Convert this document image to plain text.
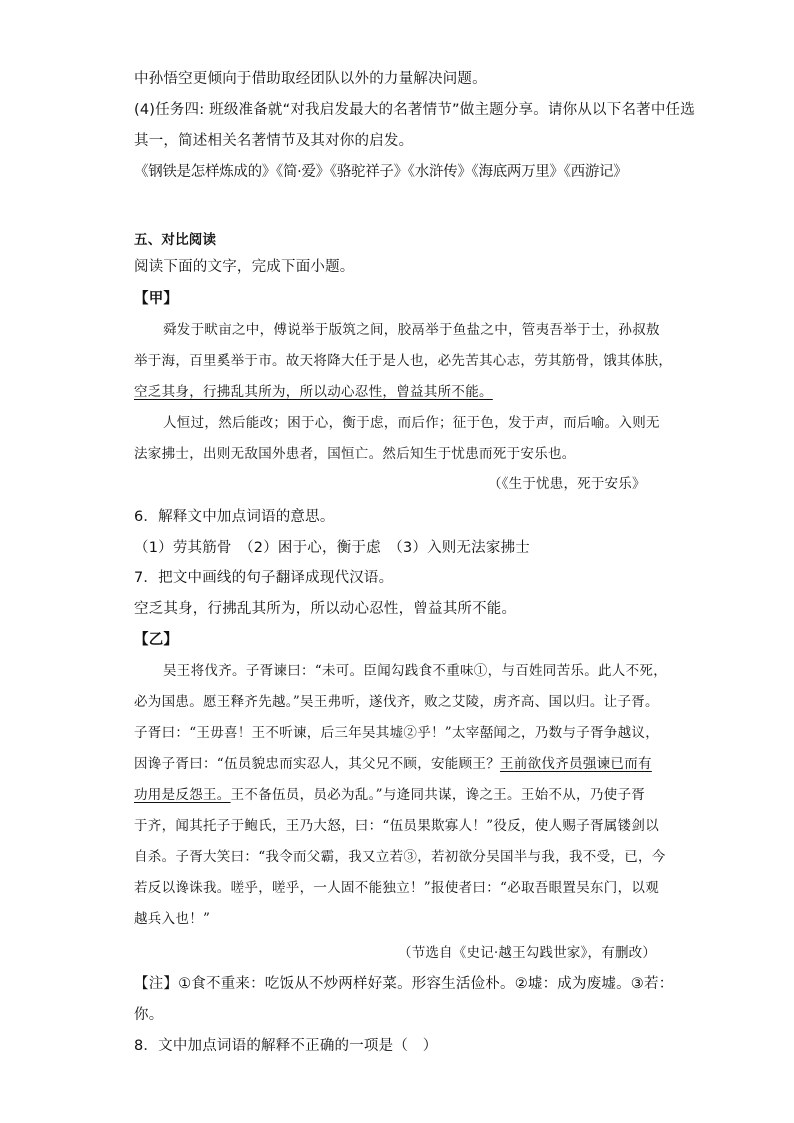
中孙悟空更倾向于借助取经团队以外的力量解决问题。
(4)任务四: 班级准备就“对我启发最大的名著情节”做主题分享。请你从以下名著中任选
其一，简述相关名著情节及其对你的启发。
《钢铁是怎样炼成的》《简·爱》《骆驼祥子》《水浒传》《海底两万里》《西游记》
五、对比阅读
阅读下面的文字，完成下面小题。
【甲】
舜发于畎亩之中，傅说举于版筑之间，胶鬲举于鱼盐之中，管夷吾举于士，孙叔敖
举于海，百里奚举于市。故天将降大任于是人也，必先苦其心志，劳其筋骨，饿其体肤，
空乏其身，行拂乱其所为，所以动心忍性，曾益其所不能。
人恒过，然后能改；困于心，衡于虑，而后作；征于色，发于声，而后喻。入则无
法家拂士，出则无敌国外患者，国恒亡。然后知生于忧患而死于安乐也。
（《生于忧患，死于安乐》
6．解释文中加点词语的意思。
（1）劳其筋骨　（2）困于心，衡于虑　（3）入则无法家拂士
7．把文中画线的句子翻译成现代汉语。
空乏其身，行拂乱其所为，所以动心忍性，曾益其所不能。
【乙】
吴王将伐齐。子胥谏曰：“未可。臣闻勾践食不重味①，与百姓同苦乐。此人不死，
必为国患。愿王释齐先越。”吴王弗听，遂伐齐，败之艾陵，虏齐高、国以归。让子胥。
子胥曰：“王毋喜！王不听谏，后三年吴其墟②乎！”太宰嚭闻之，乃数与子胥争越议，
因谗子胥曰：“伍员貌忠而实忍人，其父兄不顾，安能顾王？王前欲伐齐员强谏已而有
功用是反怨王。王不备伍员，员必为乱。”与逄同共谋，谗之王。王始不从，乃使子胥
于齐，闻其托子于鲍氏，王乃大怒，曰：“伍员果欺寡人！”役反，使人赐子胥属镂剑以
自杀。子胥大笑曰：“我令而父霸，我又立若③，若初欲分吴国半与我，我不受，已，今
若反以谗诛我。嗟乎，嗟乎，一人固不能独立！”报使者曰：“必取吾眼置吴东门，以观
越兵入也！”
（节选自《史记·越王勾践世家》，有删改）
【注】①食不重来：吃饭从不炒两样好菜。形容生活俭朴。②墟：成为废墟。③若：
你。
8．文中加点词语的解释不正确的一项是（　）
